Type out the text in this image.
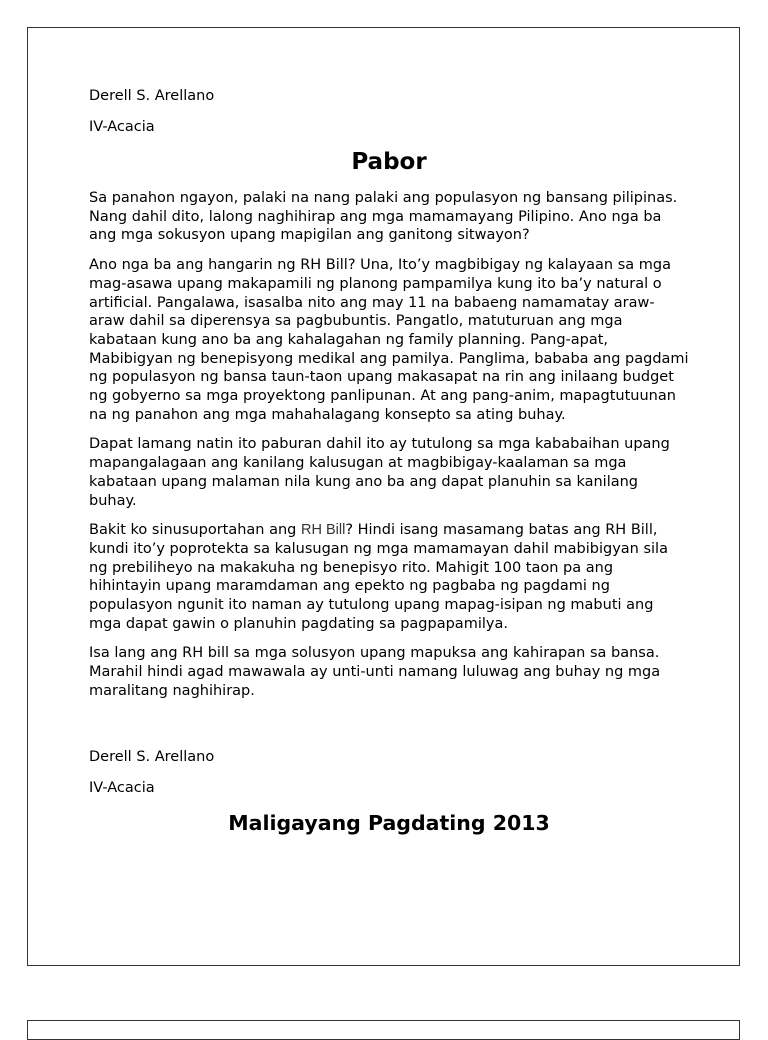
Derell S. Arellano

IV-Acacia

Pabor

Sa panahon ngayon, palaki na nang palaki ang populasyon ng bansang pilipinas. Nang dahil dito, lalong naghihirap ang mga mamamayang Pilipino. Ano nga ba ang mga sokusyon upang mapigilan ang ganitong sitwayon?

Ano nga ba ang hangarin ng RH Bill? Una, Ito’y magbibigay ng kalayaan sa mga mag-asawa upang makapamili ng planong pampamilya kung ito ba’y natural o artificial. Pangalawa, isasalba nito ang may 11 na babaeng namamatay araw-araw dahil sa diperensya sa pagbubuntis. Pangatlo, matuturuan ang mga kabataan kung ano ba ang kahalagahan ng family planning. Pang-apat, Mabibigyan ng benepisyong medikal ang pamilya. Panglima, bababa ang pagdami ng populasyon ng bansa taun-taon upang makasapat na rin ang inilaang budget ng gobyerno sa mga proyektong panlipunan. At ang pang-anim, mapagtutuunan na ng panahon ang mga mahahalagang konsepto sa ating buhay.

Dapat lamang natin ito paburan dahil ito ay tutulong sa mga kababaihan upang mapangalagaan ang kanilang kalusugan at magbibigay-kaalaman sa mga kabataan upang malaman nila kung ano ba ang dapat planuhin sa kanilang buhay.

Bakit ko sinusuportahan ang RH Bill? Hindi isang masamang batas ang RH Bill, kundi ito’y poprotekta sa kalusugan ng mga mamamayan dahil mabibigyan sila ng prebiliheyo na makakuha ng benepisyo rito. Mahigit 100 taon pa ang hihintayin upang maramdaman ang epekto ng pagbaba ng pagdami ng populasyon ngunit ito naman ay tutulong upang mapag-isipan ng mabuti ang mga dapat gawin o planuhin pagdating sa pagpapamilya.

Isa lang ang RH bill sa mga solusyon upang mapuksa ang kahirapan sa bansa. Marahil hindi agad mawawala ay unti-unti namang luluwag ang buhay ng mga maralitang naghihirap.

Derell S. Arellano

IV-Acacia

Maligayang Pagdating 2013
